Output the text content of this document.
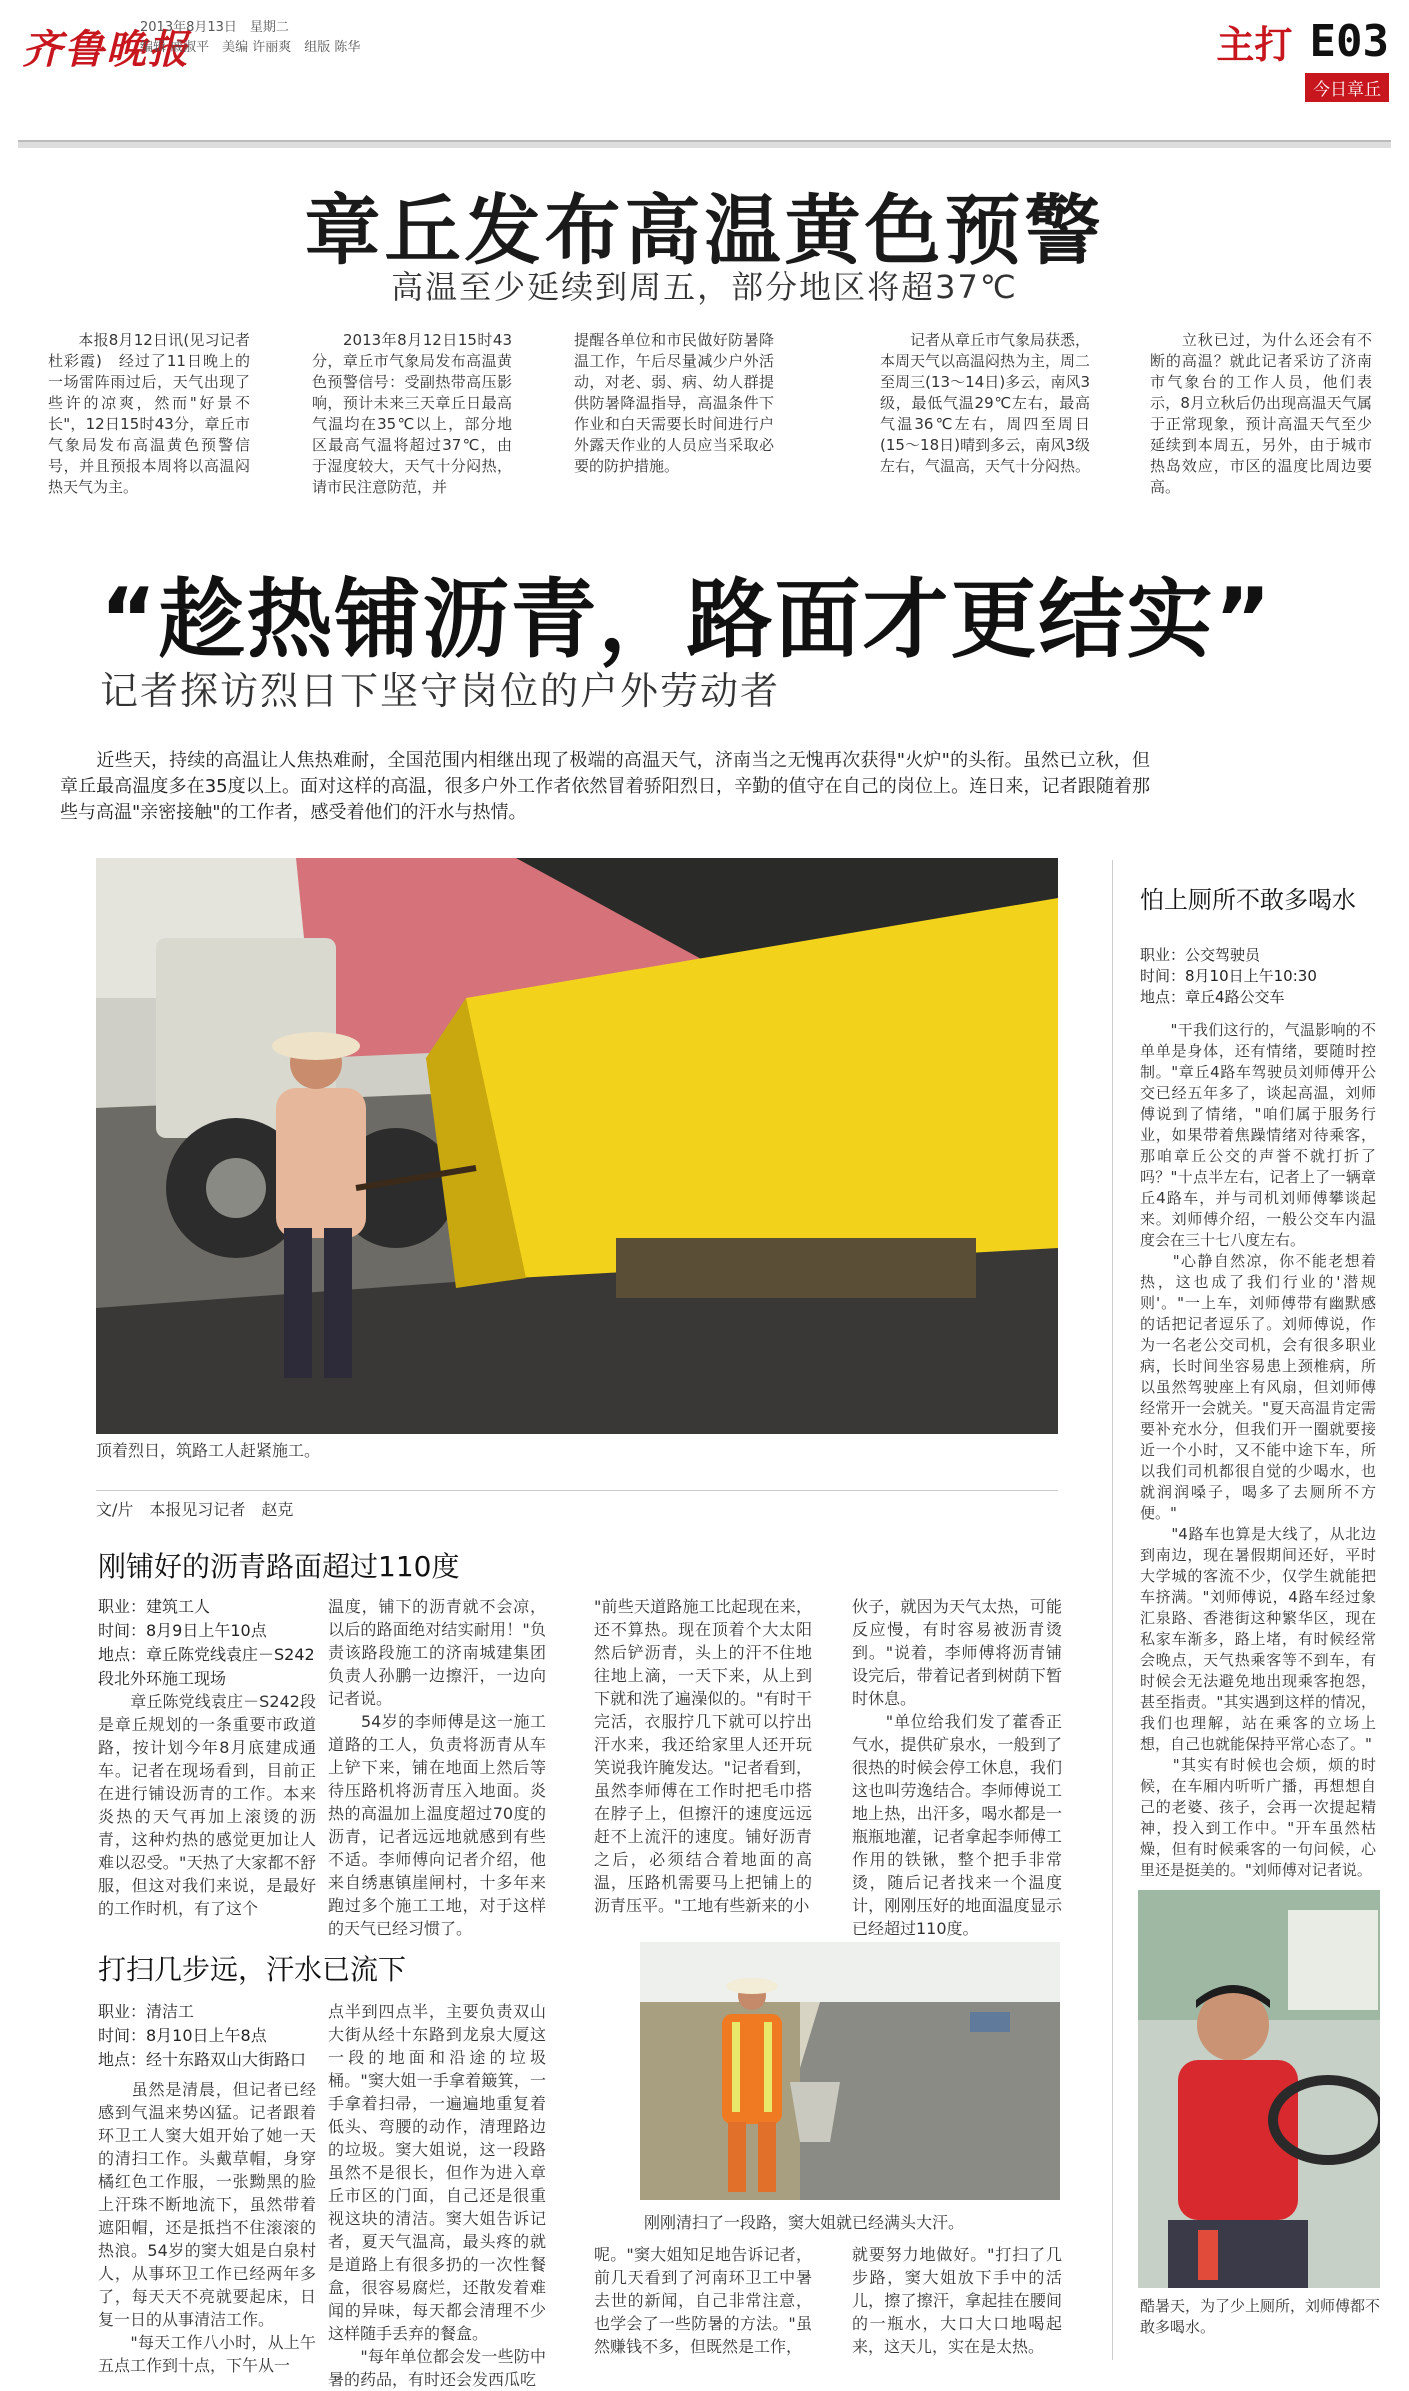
齐鲁晚报
2013年8月13日　星期二
编辑 戚淑平　美编 许丽爽　组版 陈华	主打 E03
今日章丘
章丘发布高温黄色预警
高温至少延续到周五，部分地区将超37℃
　　本报8月12日讯(见习记者 杜彩霞)　经过了11日晚上的一场雷阵雨过后，天气出现了些许的凉爽，然而"好景不长"，12日15时43分，章丘市气象局发布高温黄色预警信号，并且预报本周将以高温闷热天气为主。
　　2013年8月12日15时43分，章丘市气象局发布高温黄色预警信号：受副热带高压影响，预计未来三天章丘日最高气温均在35℃以上，部分地区最高气温将超过37℃，由于湿度较大，天气十分闷热，请市民注意防范，并
提醒各单位和市民做好防暑降温工作，午后尽量减少户外活动，对老、弱、病、幼人群提供防暑降温指导，高温条件下作业和白天需要长时间进行户外露天作业的人员应当采取必要的防护措施。
　　记者从章丘市气象局获悉，本周天气以高温闷热为主，周二至周三(13～14日)多云，南风3级，最低气温29℃左右，最高气温36℃左右，周四至周日(15～18日)晴到多云，南风3级左右，气温高，天气十分闷热。
　　立秋已过，为什么还会有不断的高温？就此记者采访了济南市气象台的工作人员，他们表示，8月立秋后仍出现高温天气属于正常现象，预计高温天气至少延续到本周五，另外，由于城市热岛效应，市区的温度比周边要高。
“趁热铺沥青，路面才更结实”
记者探访烈日下坚守岗位的户外劳动者
　　近些天，持续的高温让人焦热难耐，全国范围内相继出现了极端的高温天气，济南当之无愧再次获得"火炉"的头衔。虽然已立秋，但章丘最高温度多在35度以上。面对这样的高温，很多户外工作者依然冒着骄阳烈日，辛勤的值守在自己的岗位上。连日来，记者跟随着那些与高温"亲密接触"的工作者，感受着他们的汗水与热情。
顶着烈日，筑路工人赶紧施工。
文/片　本报见习记者　赵克
刚铺好的沥青路面超过110度
职业：建筑工人
时间：8月9日上午10点
地点：章丘陈党线袁庄－S242段北外环施工现场
　　章丘陈党线袁庄－S242段是章丘规划的一条重要市政道路，按计划今年8月底建成通车。记者在现场看到，目前正在进行铺设沥青的工作。本来炎热的天气再加上滚烫的沥青，这种灼热的感觉更加让人难以忍受。"天热了大家都不舒服，但这对我们来说，是最好的工作时机，有了这个
温度，铺下的沥青就不会凉，以后的路面绝对结实耐用！"负责该路段施工的济南城建集团负责人孙鹏一边擦汗，一边向记者说。
　　54岁的李师傅是这一施工道路的工人，负责将沥青从车上铲下来，铺在地面上然后等待压路机将沥青压入地面。炎热的高温加上温度超过70度的沥青，记者远远地就感到有些不适。李师傅向记者介绍，他来自绣惠镇崖闸村，十多年来跑过多个施工工地，对于这样的天气已经习惯了。
"前些天道路施工比起现在来，还不算热。现在顶着个大太阳然后铲沥青，头上的汗不住地往地上滴，一天下来，从上到下就和洗了遍澡似的。"有时干完活，衣服拧几下就可以拧出汗水来，我还给家里人还开玩笑说我许腌发达。"记者看到，虽然李师傅在工作时把毛巾搭在脖子上，但擦汗的速度远远赶不上流汗的速度。铺好沥青之后，必须结合着地面的高温，压路机需要马上把铺上的沥青压平。"工地有些新来的小
伙子，就因为天气太热，可能反应慢，有时容易被沥青烫到。"说着，李师傅将沥青铺设完后，带着记者到树荫下暂时休息。
　　"单位给我们发了藿香正气水，提供矿泉水，一般到了很热的时候会停工休息，我们这也叫劳逸结合。李师傅说工地上热，出汗多，喝水都是一瓶瓶地灌，记者拿起李师傅工作用的铁锹，整个把手非常烫，随后记者找来一个温度计，刚刚压好的地面温度显示已经超过110度。
打扫几步远，汗水已流下
职业：清洁工
时间：8月10日上午8点
地点：经十东路双山大街路口
　　虽然是清晨，但记者已经感到气温来势凶猛。记者跟着环卫工人窦大姐开始了她一天的清扫工作。头戴草帽，身穿橘红色工作服，一张黝黑的脸上汗珠不断地流下，虽然带着遮阳帽，还是抵挡不住滚滚的热浪。54岁的窦大姐是白泉村人，从事环卫工作已经两年多了，每天天不亮就要起床，日复一日的从事清洁工作。
　　"每天工作八小时，从上午五点工作到十点，下午从一
点半到四点半，主要负责双山大街从经十东路到龙泉大厦这一段的地面和沿途的垃圾桶。"窦大姐一手拿着簸箕，一手拿着扫帚，一遍遍地重复着低头、弯腰的动作，清理路边的垃圾。窦大姐说，这一段路虽然不是很长，但作为进入章丘市区的门面，自己还是很重视这块的清洁。窦大姐告诉记者，夏天气温高，最头疼的就是道路上有很多扔的一次性餐盒，很容易腐烂，还散发着难闻的异味，每天都会清理不少这样随手丢弃的餐盒。
　　"每年单位都会发一些防中暑的药品，有时还会发西瓜吃
刚刚清扫了一段路，窦大姐就已经满头大汗。
呢。"窦大姐知足地告诉记者，前几天看到了河南环卫工中暑去世的新闻，自己非常注意，也学会了一些防暑的方法。"虽然赚钱不多，但既然是工作，
就要努力地做好。"打扫了几步路，窦大姐放下手中的活儿，擦了擦汗，拿起挂在腰间的一瓶水，大口大口地喝起来，这天儿，实在是太热。
怕上厕所不敢多喝水
职业：公交驾驶员
时间：8月10日上午10:30
地点：章丘4路公交车
　　"干我们这行的，气温影响的不单单是身体，还有情绪，要随时控制。"章丘4路车驾驶员刘师傅开公交已经五年多了，谈起高温，刘师傅说到了情绪，"咱们属于服务行业，如果带着焦躁情绪对待乘客，那咱章丘公交的声誉不就打折了吗？"十点半左右，记者上了一辆章丘4路车，并与司机刘师傅攀谈起来。刘师傅介绍，一般公交车内温度会在三十七八度左右。
　　"心静自然凉，你不能老想着热，这也成了我们行业的'潜规则'。"一上车，刘师傅带有幽默感的话把记者逗乐了。刘师傅说，作为一名老公交司机，会有很多职业病，长时间坐容易患上颈椎病，所以虽然驾驶座上有风扇，但刘师傅经常开一会就关。"夏天高温肯定需要补充水分，但我们开一圈就要接近一个小时，又不能中途下车，所以我们司机都很自觉的少喝水，也就润润嗓子，喝多了去厕所不方便。"
　　"4路车也算是大线了，从北边到南边，现在暑假期间还好，平时大学城的客流不少，仅学生就能把车挤满。"刘师傅说，4路车经过象汇泉路、香港街这种繁华区，现在私家车渐多，路上堵，有时候经常会晚点，天气热乘客等不到车，有时候会无法避免地出现乘客抱怨，甚至指责。"其实遇到这样的情况，我们也理解，站在乘客的立场上想，自己也就能保持平常心态了。"
　　"其实有时候也会烦，烦的时候，在车厢内听听广播，再想想自己的老婆、孩子，会再一次提起精神，投入到工作中。"开车虽然枯燥，但有时候乘客的一句问候，心里还是挺美的。"刘师傅对记者说。
酷暑天，为了少上厕所，刘师傅都不敢多喝水。
